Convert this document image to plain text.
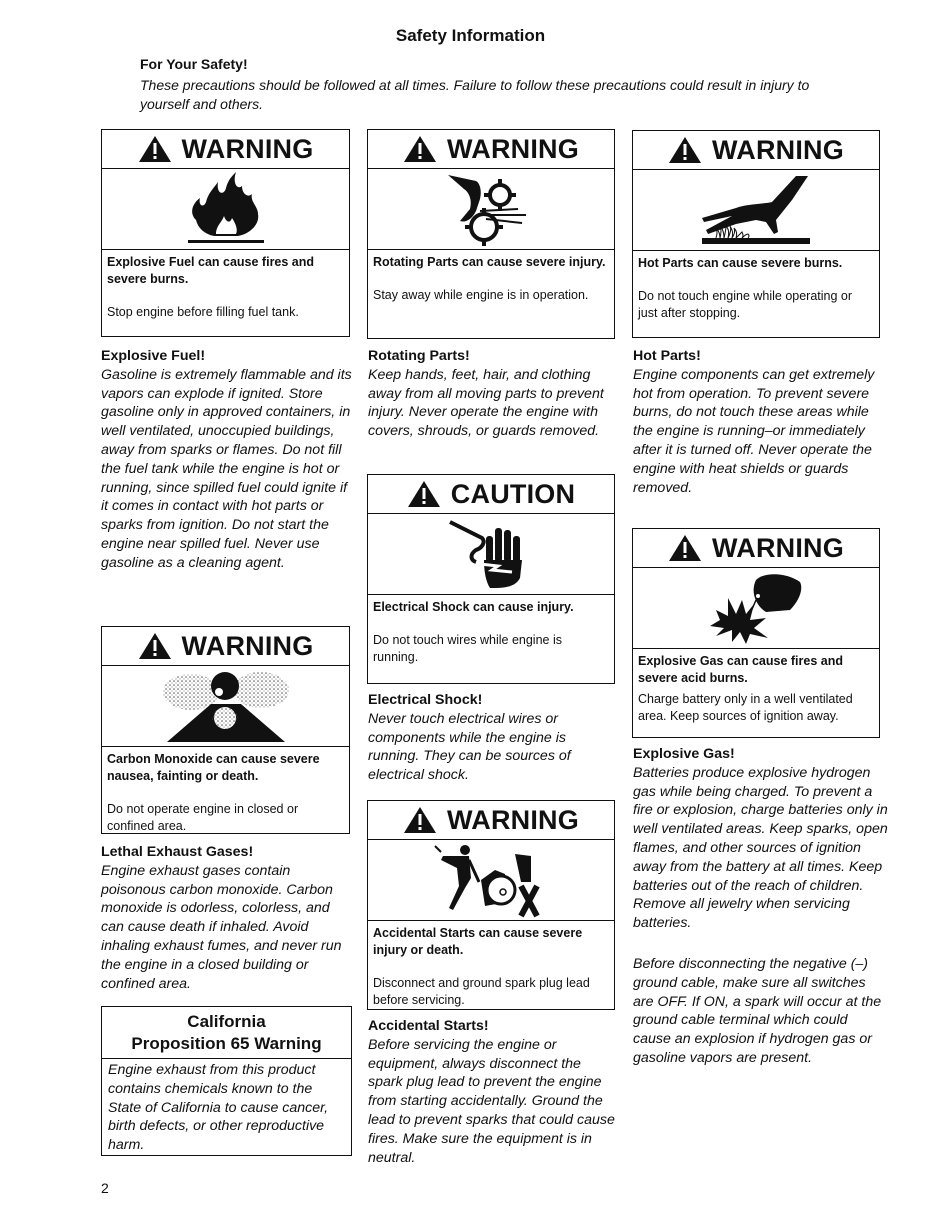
Safety Information
For Your Safety!
These precautions should be followed at all times. Failure to follow these precautions could result in injury to yourself and others.
WARNING
Explosive Fuel can cause fires and severe burns.
Stop engine before filling fuel tank.
Explosive Fuel!
Gasoline is extremely flammable and its vapors can explode if ignited. Store gasoline only in approved containers, in well ventilated, unoccupied buildings, away from sparks or flames. Do not fill the fuel tank while the engine is hot or running, since spilled fuel could ignite if it comes in contact with hot parts or sparks from ignition. Do not start the engine near spilled fuel. Never use gasoline as a cleaning agent.
WARNING
Carbon Monoxide can cause severe nausea, fainting or death.
Do not operate engine in closed or confined area.
Lethal Exhaust Gases!
Engine exhaust gases contain poisonous carbon monoxide. Carbon monoxide is odorless, colorless, and can cause death if inhaled. Avoid inhaling exhaust fumes, and never run the engine in a closed building or confined area.
California
Proposition 65 Warning
Engine exhaust from this product contains chemicals known to the State of California to cause cancer, birth defects, or other reproductive harm.
2
WARNING
Rotating Parts can cause severe injury.
Stay away while engine is in operation.
Rotating Parts!
Keep hands, feet, hair, and clothing away from all moving parts to prevent injury. Never operate the engine with covers, shrouds, or guards removed.
CAUTION
Electrical Shock can cause injury.
Do not touch wires while engine is running.
Electrical Shock!
Never touch electrical wires or components while the engine is running. They can be sources of electrical shock.
WARNING
Accidental Starts can cause severe injury or death.
Disconnect and ground spark plug lead before servicing.
Accidental Starts!
Before servicing the engine or equipment, always disconnect the spark plug lead to prevent the engine from starting accidentally. Ground the lead to prevent sparks that could cause fires. Make sure the equipment is in neutral.
WARNING
Hot Parts can cause severe burns.
Do not touch engine while operating or just after stopping.
Hot Parts!
Engine components can get extremely hot from operation. To prevent severe burns, do not touch these areas while the engine is running–or immediately after it is turned off. Never operate the engine with heat shields or guards removed.
WARNING
Explosive Gas can cause fires and severe acid burns.
Charge battery only in a well ventilated area. Keep sources of ignition away.
Explosive Gas!
Batteries produce explosive hydrogen gas while being charged. To prevent a fire or explosion, charge batteries only in well ventilated areas. Keep sparks, open flames, and other sources of ignition away from the battery at all times. Keep batteries out of the reach of children. Remove all jewelry when servicing batteries.
Before disconnecting the negative (–) ground cable, make sure all switches are OFF. If ON, a spark will occur at the ground cable terminal which could cause an explosion if hydrogen gas or gasoline vapors are present.
